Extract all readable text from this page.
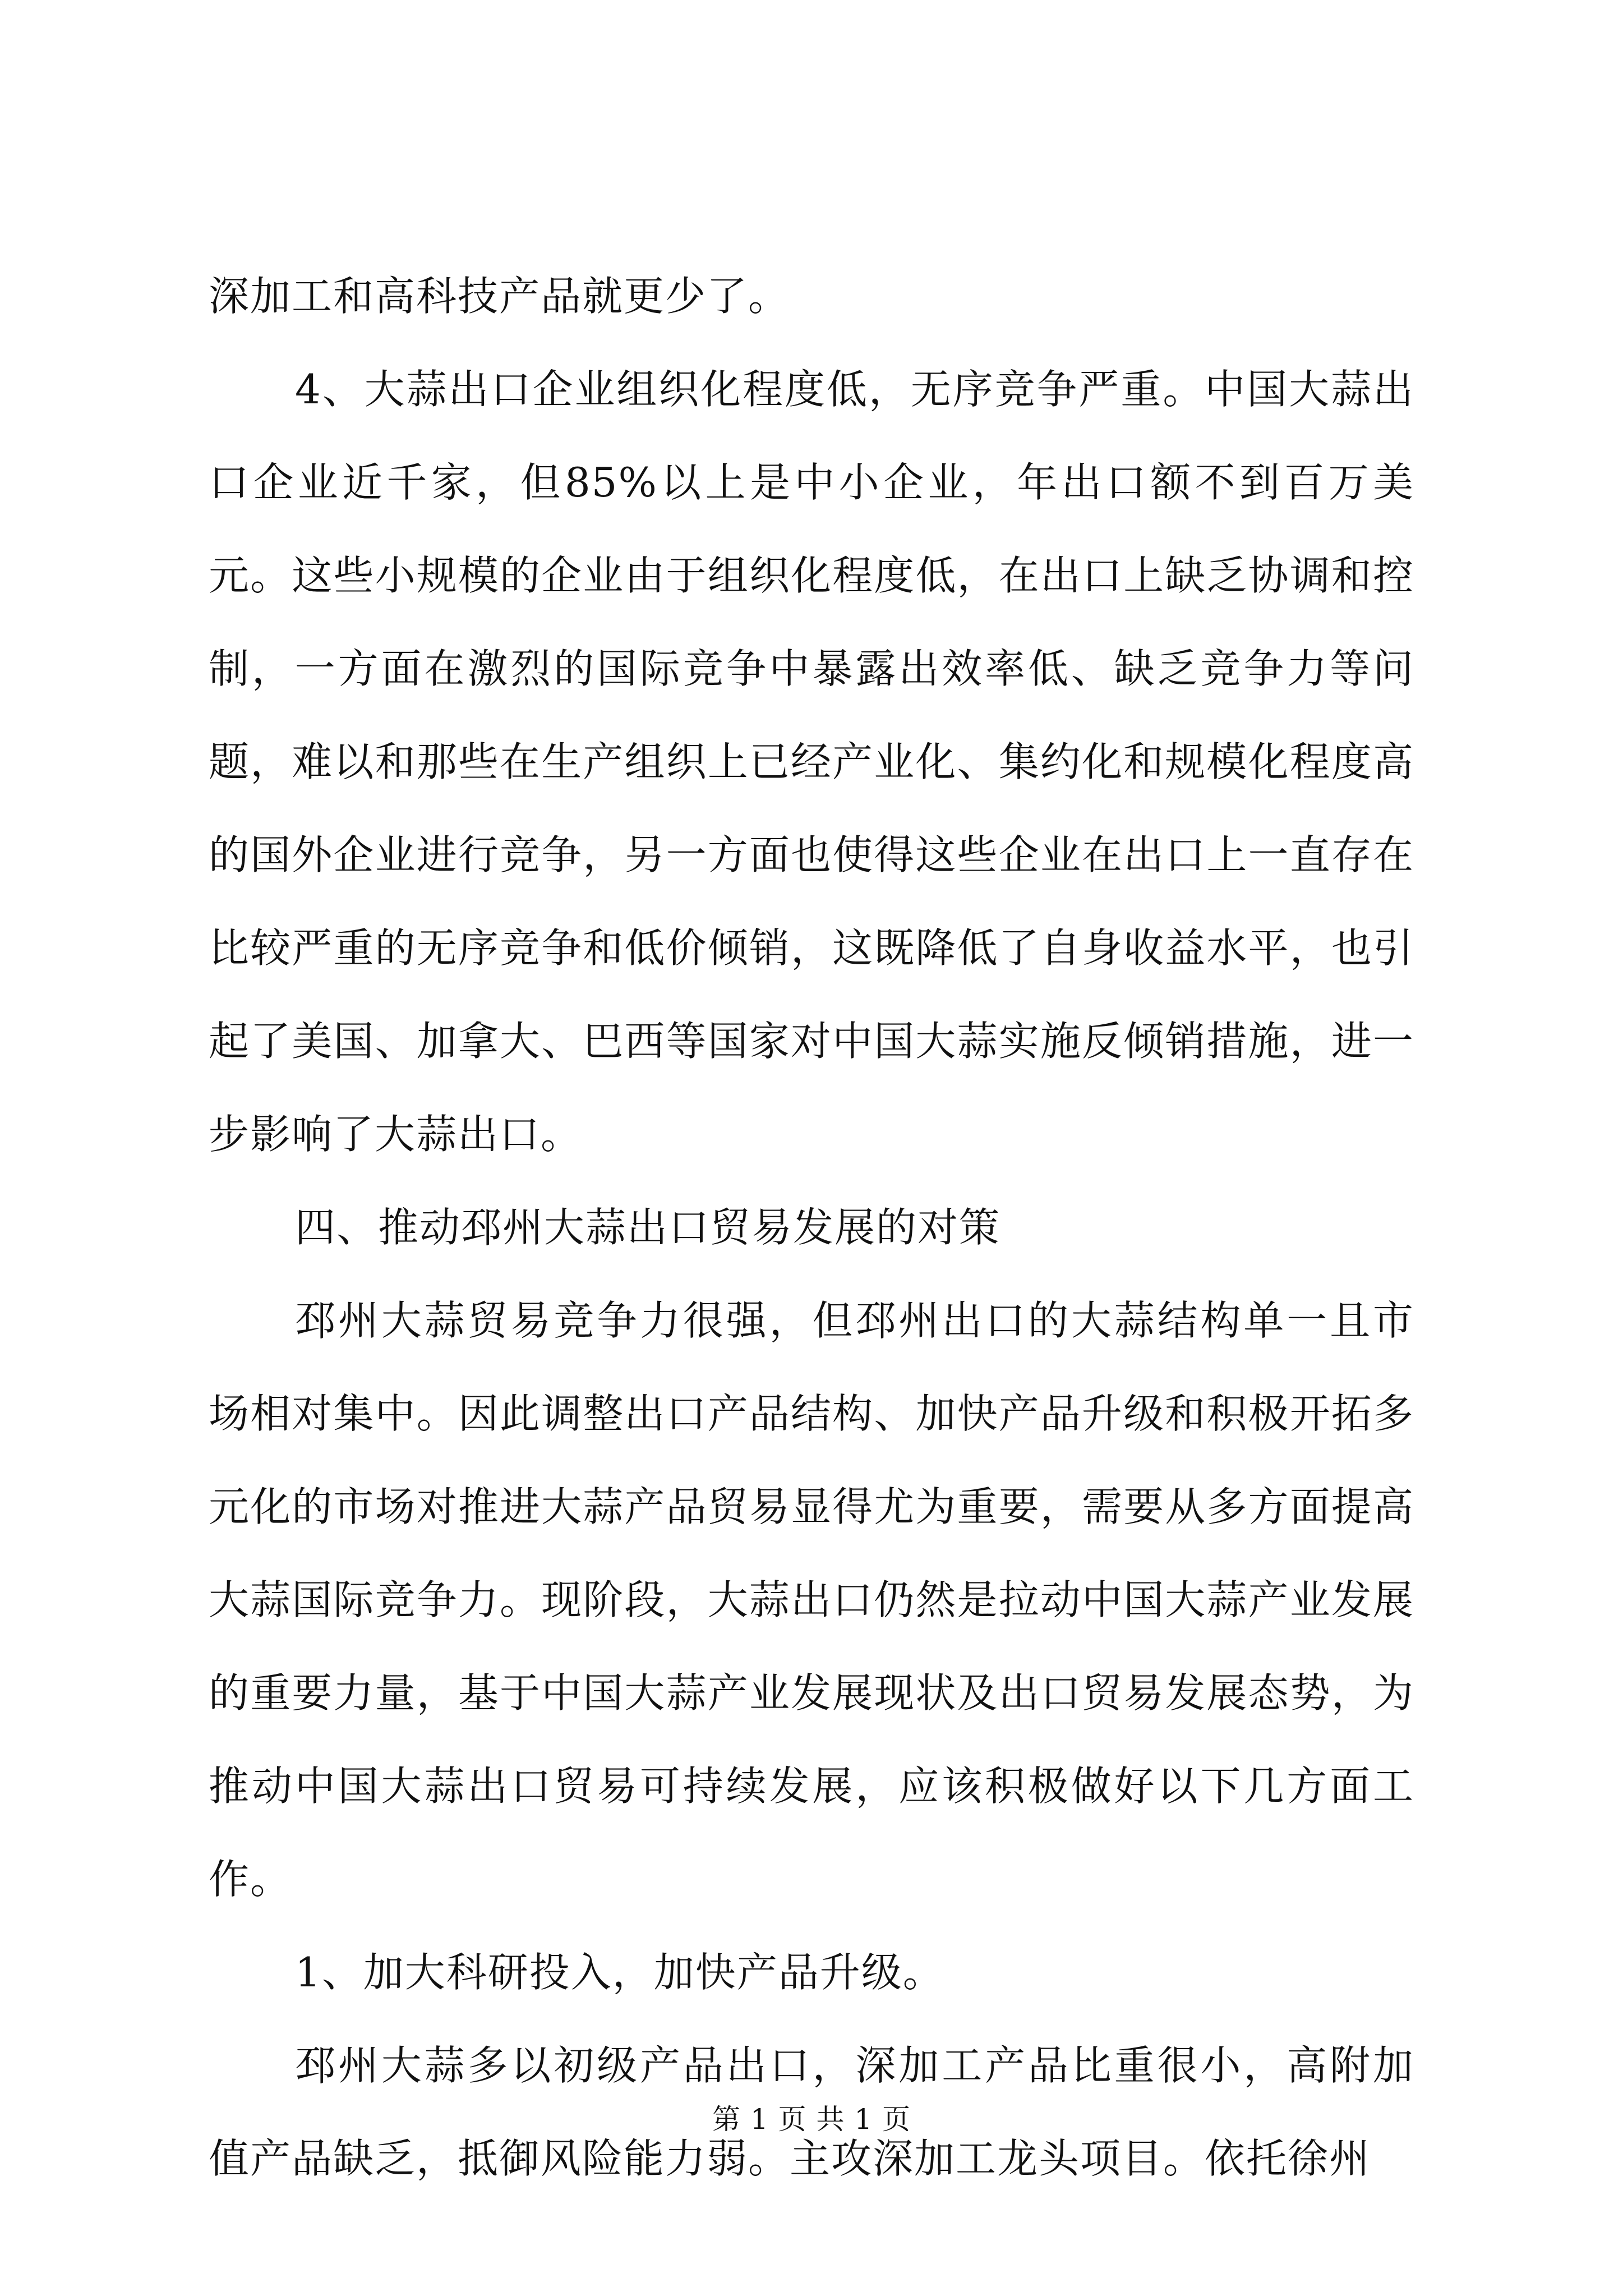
深加工和高科技产品就更少了。

4、大蒜出口企业组织化程度低，无序竞争严重。中国大蒜出口企业近千家，但85%以上是中小企业，年出口额不到百万美元。这些小规模的企业由于组织化程度低，在出口上缺乏协调和控制，一方面在激烈的国际竞争中暴露出效率低、缺乏竞争力等问题，难以和那些在生产组织上已经产业化、集约化和规模化程度高的国外企业进行竞争，另一方面也使得这些企业在出口上一直存在比较严重的无序竞争和低价倾销，这既降低了自身收益水平，也引起了美国、加拿大、巴西等国家对中国大蒜实施反倾销措施，进一步影响了大蒜出口。

四、推动邳州大蒜出口贸易发展的对策

邳州大蒜贸易竞争力很强，但邳州出口的大蒜结构单一且市场相对集中。因此调整出口产品结构、加快产品升级和积极开拓多元化的市场对推进大蒜产品贸易显得尤为重要，需要从多方面提高大蒜国际竞争力。现阶段，大蒜出口仍然是拉动中国大蒜产业发展的重要力量，基于中国大蒜产业发展现状及出口贸易发展态势，为推动中国大蒜出口贸易可持续发展，应该积极做好以下几方面工作。

1、加大科研投入，加快产品升级。

邳州大蒜多以初级产品出口，深加工产品比重很小，高附加值产品缺乏，抵御风险能力弱。主攻深加工龙头项目。依托徐州

第 1 页 共 1 页
